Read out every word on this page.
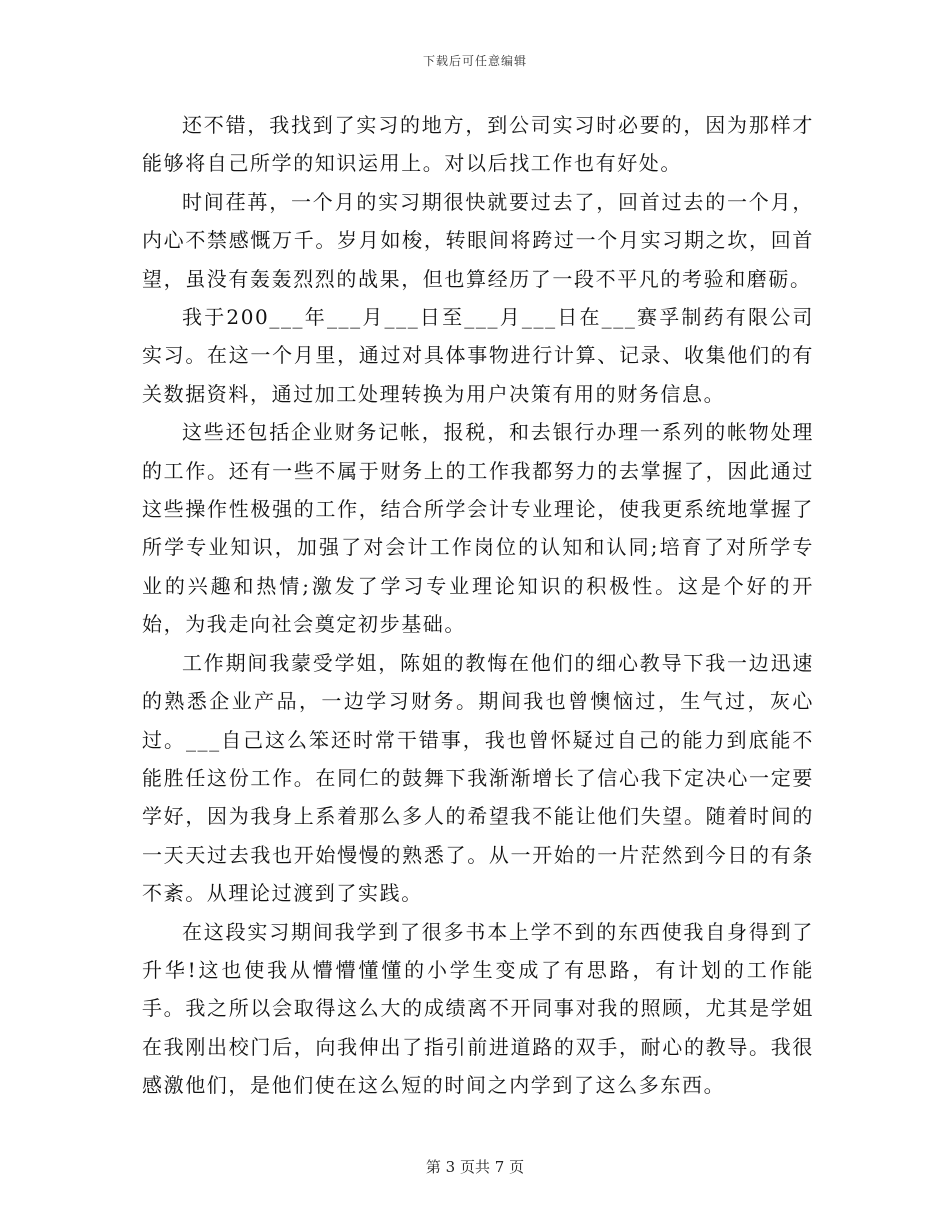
下载后可任意编辑

还不错，我找到了实习的地方，到公司实习时必要的，因为那样才能够将自己所学的知识运用上。对以后找工作也有好处。

时间荏苒，一个月的实习期很快就要过去了，回首过去的一个月，内心不禁感慨万千。岁月如梭，转眼间将跨过一个月实习期之坎，回首望，虽没有轰轰烈烈的战果，但也算经历了一段不平凡的考验和磨砺。

我于200___年___月___日至___月___日在___赛孚制药有限公司实习。在这一个月里，通过对具体事物进行计算、记录、收集他们的有关数据资料，通过加工处理转换为用户决策有用的财务信息。

这些还包括企业财务记帐，报税，和去银行办理一系列的帐物处理的工作。还有一些不属于财务上的工作我都努力的去掌握了，因此通过这些操作性极强的工作，结合所学会计专业理论，使我更系统地掌握了所学专业知识，加强了对会计工作岗位的认知和认同;培育了对所学专业的兴趣和热情;激发了学习专业理论知识的积极性。这是个好的开始，为我走向社会奠定初步基础。

工作期间我蒙受学姐，陈姐的教悔在他们的细心教导下我一边迅速的熟悉企业产品，一边学习财务。期间我也曾懊恼过，生气过，灰心过。___自己这么笨还时常干错事，我也曾怀疑过自己的能力到底能不能胜任这份工作。在同仁的鼓舞下我渐渐增长了信心我下定决心一定要学好，因为我身上系着那么多人的希望我不能让他们失望。随着时间的一天天过去我也开始慢慢的熟悉了。从一开始的一片茫然到今日的有条不紊。从理论过渡到了实践。

在这段实习期间我学到了很多书本上学不到的东西使我自身得到了升华!这也使我从懵懵懂懂的小学生变成了有思路，有计划的工作能手。我之所以会取得这么大的成绩离不开同事对我的照顾，尤其是学姐在我刚出校门后，向我伸出了指引前进道路的双手，耐心的教导。我很感激他们，是他们使在这么短的时间之内学到了这么多东西。

第 3 页共 7 页
